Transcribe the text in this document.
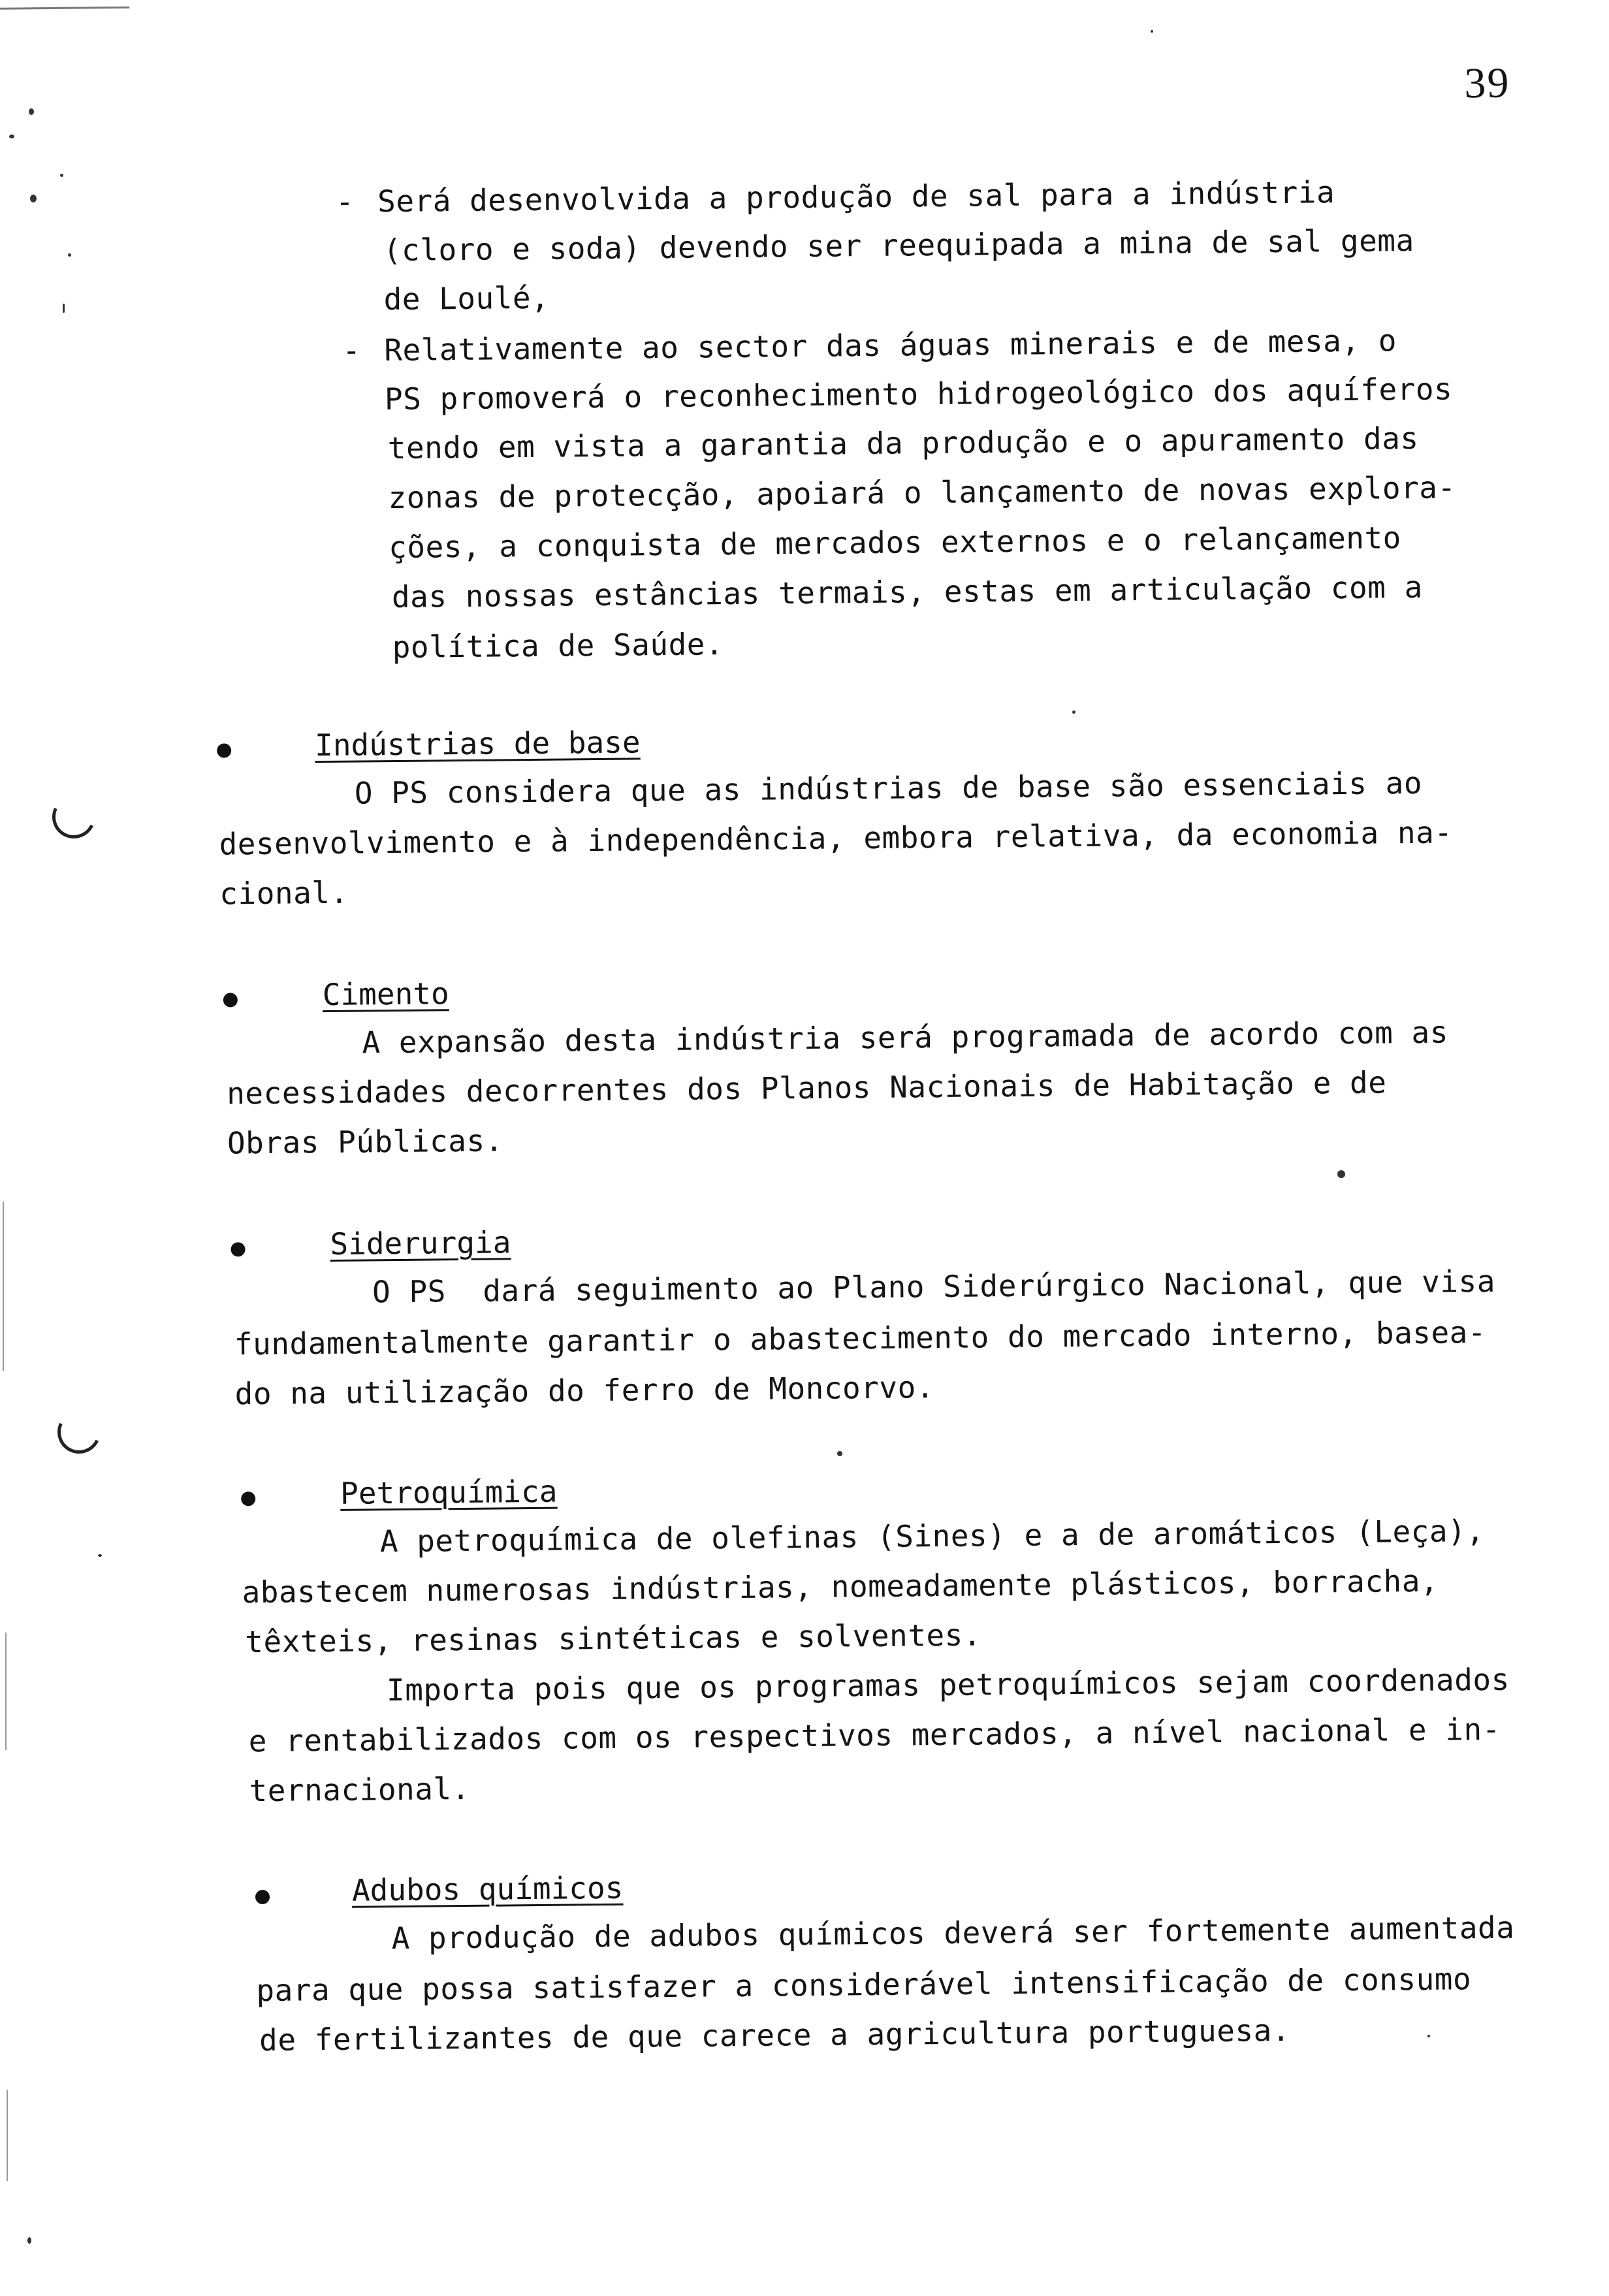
39
- Será desenvolvida a produção de sal para a indústria
(cloro e soda) devendo ser reequipada a mina de sal gema
de Loulé,
- Relativamente ao sector das águas minerais e de mesa, o
PS promoverá o reconhecimento hidrogeológico dos aquíferos
tendo em vista a garantia da produção e o apuramento das
zonas de protecção, apoiará o lançamento de novas explora-
ções, a conquista de mercados externos e o relançamento
das nossas estâncias termais, estas em articulação com a
política de Saúde.
Indústrias de base
O PS considera que as indústrias de base são essenciais ao
desenvolvimento e à independência, embora relativa, da economia na-
cional.
Cimento
A expansão desta indústria será programada de acordo com as
necessidades decorrentes dos Planos Nacionais de Habitação e de
Obras Públicas.
Siderurgia
O PS  dará seguimento ao Plano Siderúrgico Nacional, que visa
fundamentalmente garantir o abastecimento do mercado interno, basea-
do na utilização do ferro de Moncorvo.
Petroquímica
A petroquímica de olefinas (Sines) e a de aromáticos (Leça),
abastecem numerosas indústrias, nomeadamente plásticos, borracha,
têxteis, resinas sintéticas e solventes.
Importa pois que os programas petroquímicos sejam coordenados
e rentabilizados com os respectivos mercados, a nível nacional e in-
ternacional.
Adubos químicos
A produção de adubos químicos deverá ser fortemente aumentada
para que possa satisfazer a considerável intensificação de consumo
de fertilizantes de que carece a agricultura portuguesa.
